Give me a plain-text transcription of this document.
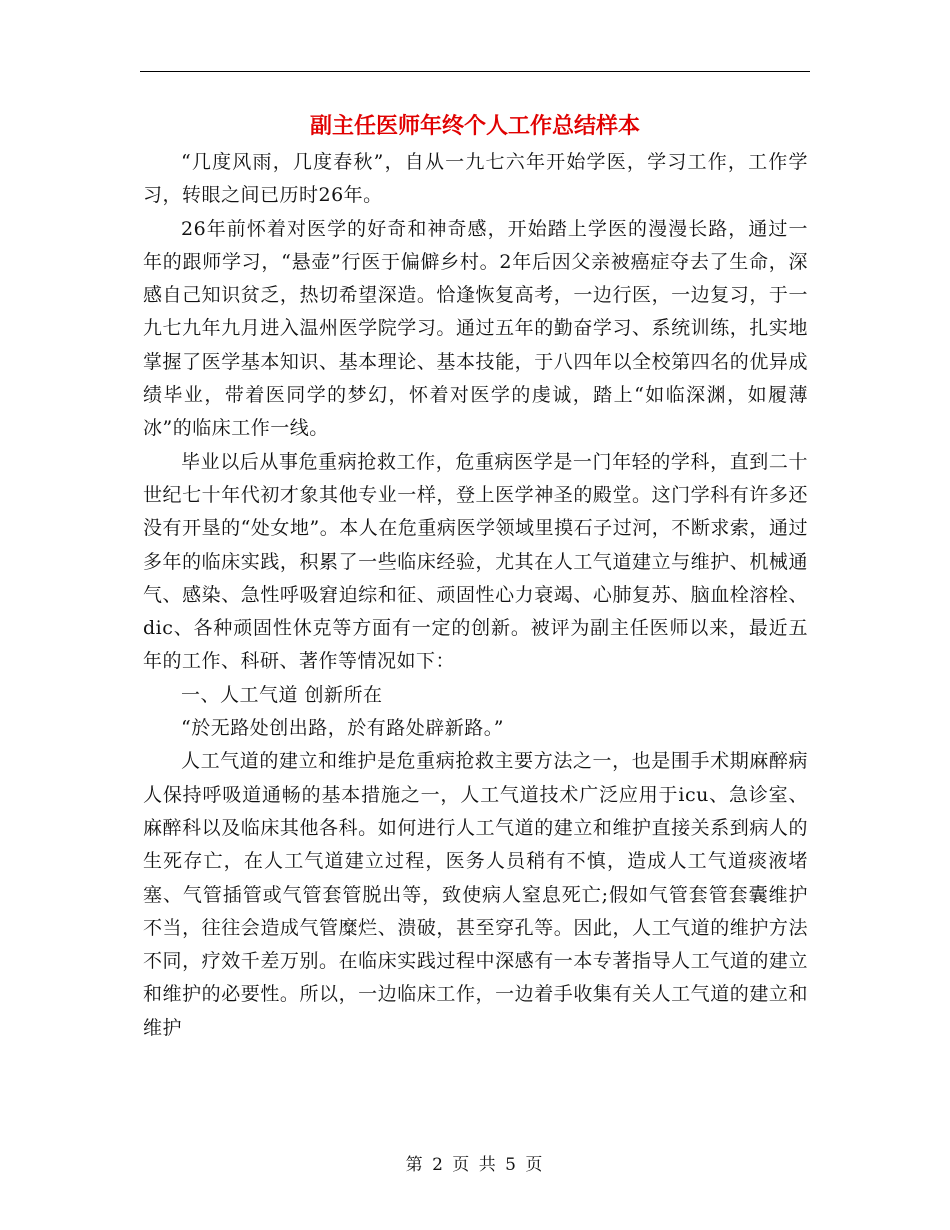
副主任医师年终个人工作总结样本

“几度风雨，几度春秋”，自从一九七六年开始学医，学习工作，工作学习，转眼之间已历时26年。

26年前怀着对医学的好奇和神奇感，开始踏上学医的漫漫长路，通过一年的跟师学习，“悬壶”行医于偏僻乡村。2年后因父亲被癌症夺去了生命，深感自己知识贫乏，热切希望深造。恰逢恢复高考，一边行医，一边复习，于一九七九年九月进入温州医学院学习。通过五年的勤奋学习、系统训练，扎实地掌握了医学基本知识、基本理论、基本技能，于八四年以全校第四名的优异成绩毕业，带着医同学的梦幻，怀着对医学的虔诚，踏上“如临深渊，如履薄冰”的临床工作一线。

毕业以后从事危重病抢救工作，危重病医学是一门年轻的学科，直到二十世纪七十年代初才象其他专业一样，登上医学神圣的殿堂。这门学科有许多还没有开垦的“处女地”。本人在危重病医学领域里摸石子过河，不断求索，通过多年的临床实践，积累了一些临床经验，尤其在人工气道建立与维护、机械通气、感染、急性呼吸窘迫综和征、顽固性心力衰竭、心肺复苏、脑血栓溶栓、dic、各种顽固性休克等方面有一定的创新。被评为副主任医师以来，最近五年的工作、科研、著作等情况如下：

一、人工气道 创新所在

“於无路处创出路，於有路处辟新路。”

人工气道的建立和维护是危重病抢救主要方法之一，也是围手术期麻醉病人保持呼吸道通畅的基本措施之一，人工气道技术广泛应用于icu、急诊室、麻醉科以及临床其他各科。如何进行人工气道的建立和维护直接关系到病人的生死存亡，在人工气道建立过程，医务人员稍有不慎，造成人工气道痰液堵塞、气管插管或气管套管脱出等，致使病人窒息死亡;假如气管套管套囊维护不当，往往会造成气管糜烂、溃破，甚至穿孔等。因此，人工气道的维护方法不同，疗效千差万别。在临床实践过程中深感有一本专著指导人工气道的建立和维护的必要性。所以，一边临床工作，一边着手收集有关人工气道的建立和维护

第 2 页 共 5 页
